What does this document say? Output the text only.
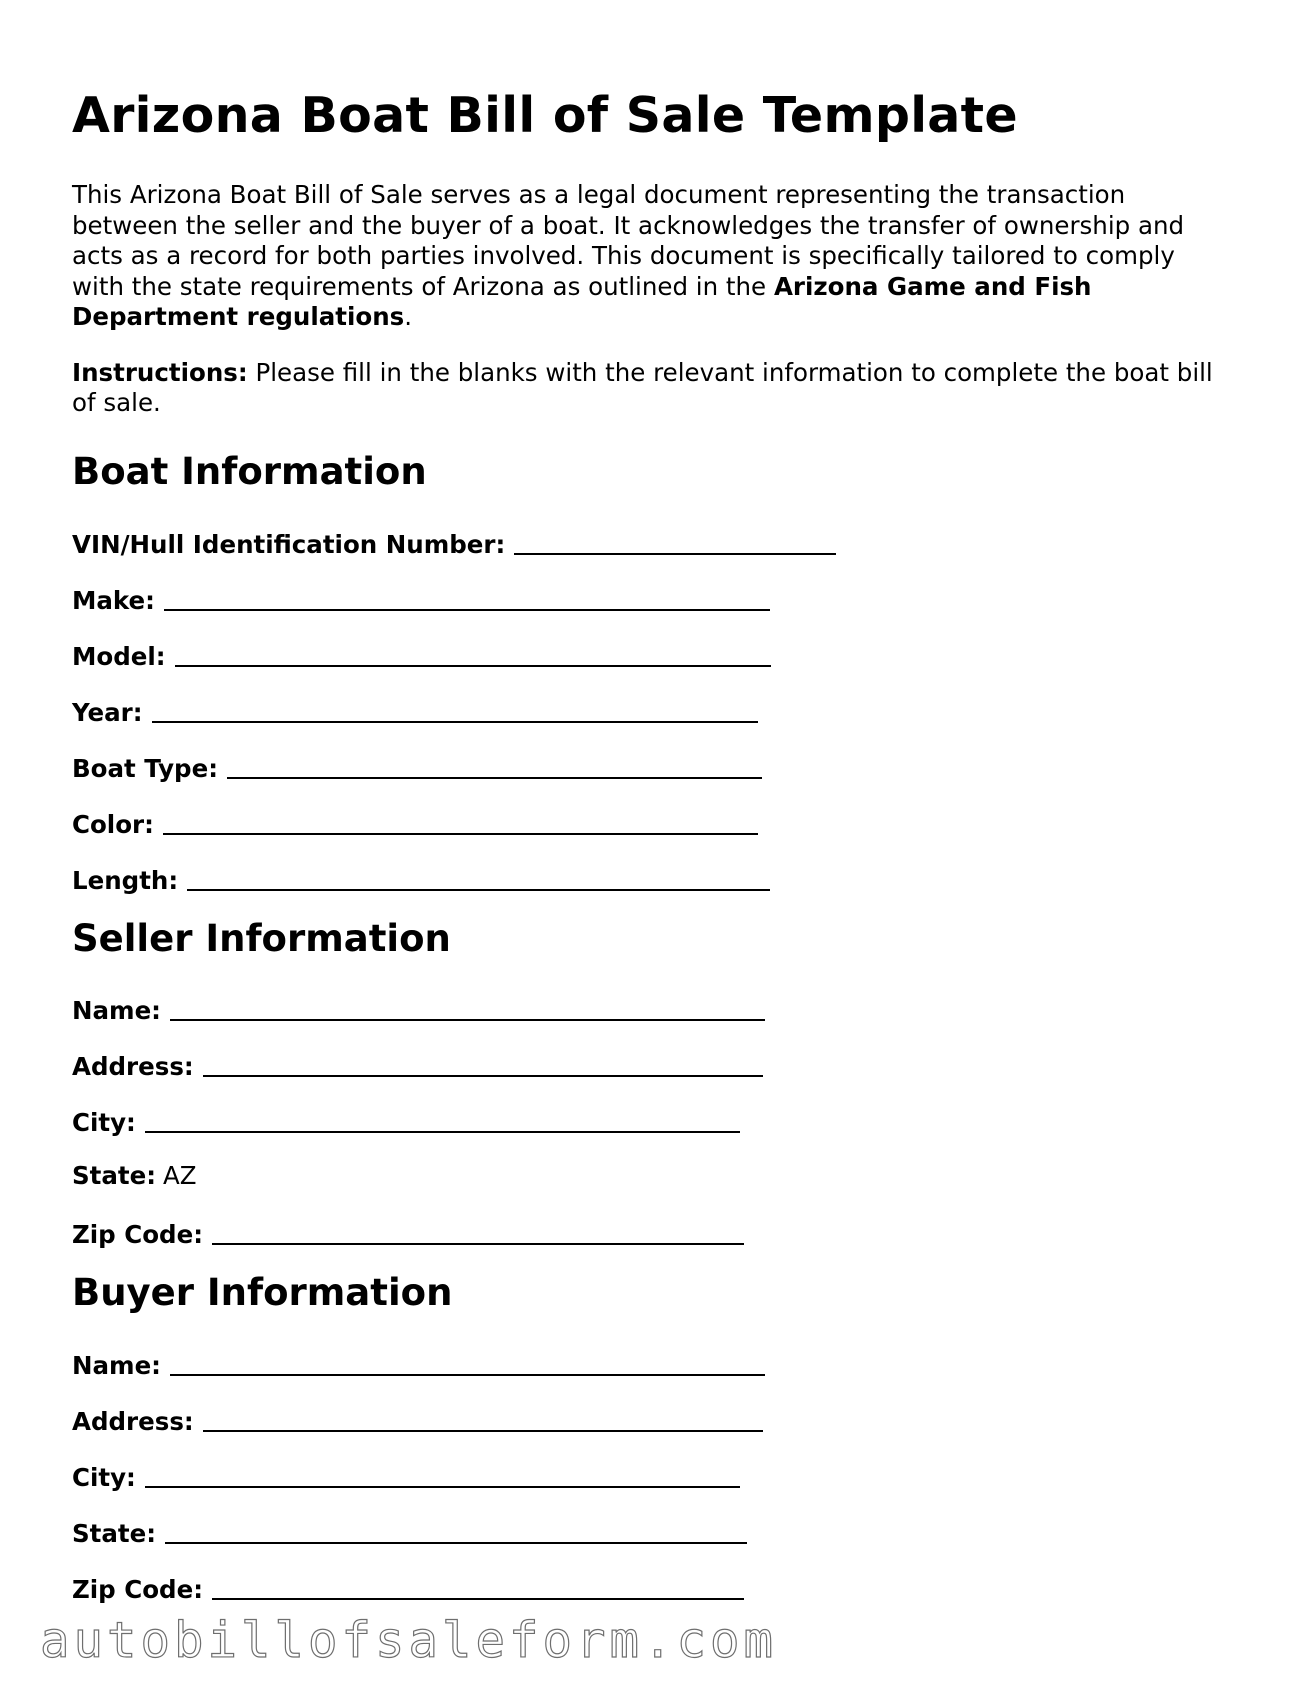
Arizona Boat Bill of Sale Template

This Arizona Boat Bill of Sale serves as a legal document representing the transaction between the seller and the buyer of a boat. It acknowledges the transfer of ownership and acts as a record for both parties involved. This document is specifically tailored to comply with the state requirements of Arizona as outlined in the Arizona Game and Fish Department regulations.

Instructions: Please fill in the blanks with the relevant information to complete the boat bill of sale.

Boat Information
VIN/Hull Identification Number:
Make:
Model:
Year:
Boat Type:
Color:
Length:
Seller Information
Name:
Address:
City:
State: AZ
Zip Code:
Buyer Information
Name:
Address:
City:
State:
Zip Code:
autobillofsaleform.com
